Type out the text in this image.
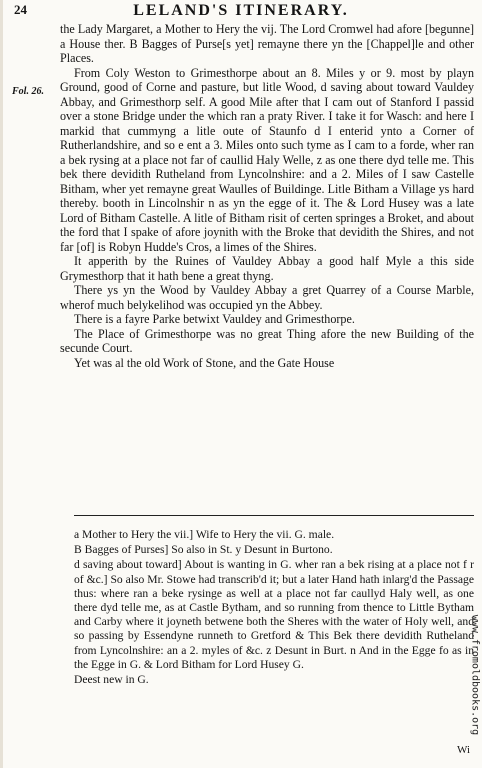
24	LELAND'S ITINERARY.
Fol. 26.

the Lady Margaret, a Mother to Hery the vij. The Lord Cromwel had afore [begunne] a House ther. B Bagges of Purse[s yet] remayne there yn the [Chappel]le and other Places.

From Coly Weston to Grimesthorpe about an 8. Miles y or 9. most by playn Ground, good of Corne and pasture, but litle Wood, d saving about toward Vauldey Abbay, and Grimesthorp self. A good Mile after that I cam out of Stanford I passid over a stone Bridge under the which ran a praty River. I take it for Wasch: and here I markid that cummyng a litle oute of Staunfo d I enterid ynto a Corner of Rutherlandshire, and so e ent a 3. Miles onto such tyme as I cam to a forde, wher ran a bek rysing at a place not far of caullid Haly Welle, z as one there dyd telle me. This bek there devidith Rutheland from Lyncolnshire: and a 2. Miles of I saw Castelle Bitham, wher yet remayne great Waulles of Buildinge. Litle Bitham a Village ys hard thereby. booth in Lincolnshir n as yn the egge of it. The & Lord Husey was a late Lord of Bitham Castelle. A litle of Bitham risit of certen springes a Broket, and about the ford that I spake of afore joynith with the Broke that devidith the Shires, and not far [of] is Robyn Hudde's Cros, a limes of the Shires.

It apperith by the Ruines of Vauldey Abbay a good half Myle a this side Grymesthorp that it hath bene a great thyng.

There ys yn the Wood by Vauldey Abbay a gret Quarrey of a Course Marble, wherof much belykelihod was occupied yn the Abbey.

There is a fayre Parke betwixt Vauldey and Grimesthorpe.

The Place of Grimesthorpe was no great Thing afore the new Building of the secunde Court.

Yet was al the old Work of Stone, and the Gate House

a Mother to Hery the vii.] Wife to Hery the vii. G. male.

B Bagges of Purses] So also in St. y Desunt in Burtono.

d saving about toward] About is wanting in G. wher ran a bek rising at a place not f r of &c.] So also Mr. Stowe had transcrib'd it; but a later Hand hath inlarg'd the Passage thus: where ran a beke rysinge as well at a place not far caullyd Haly well, as one there dyd telle me, as at Castle Bytham, and so running from thence to Little Bytham and Carby where it joyneth betwene both the Sheres with the water of Holy well, and so passing by Essendyne runneth to Gretford & This Bek there devidith Rutheland from Lyncolnshire: an a 2. myles of &c. z Desunt in Burt. n And in the Egge fo as in the Egge in G. & Lord Bitham for Lord Husey G.

Deest new in G.

Wi
www.fromoldbooks.org
